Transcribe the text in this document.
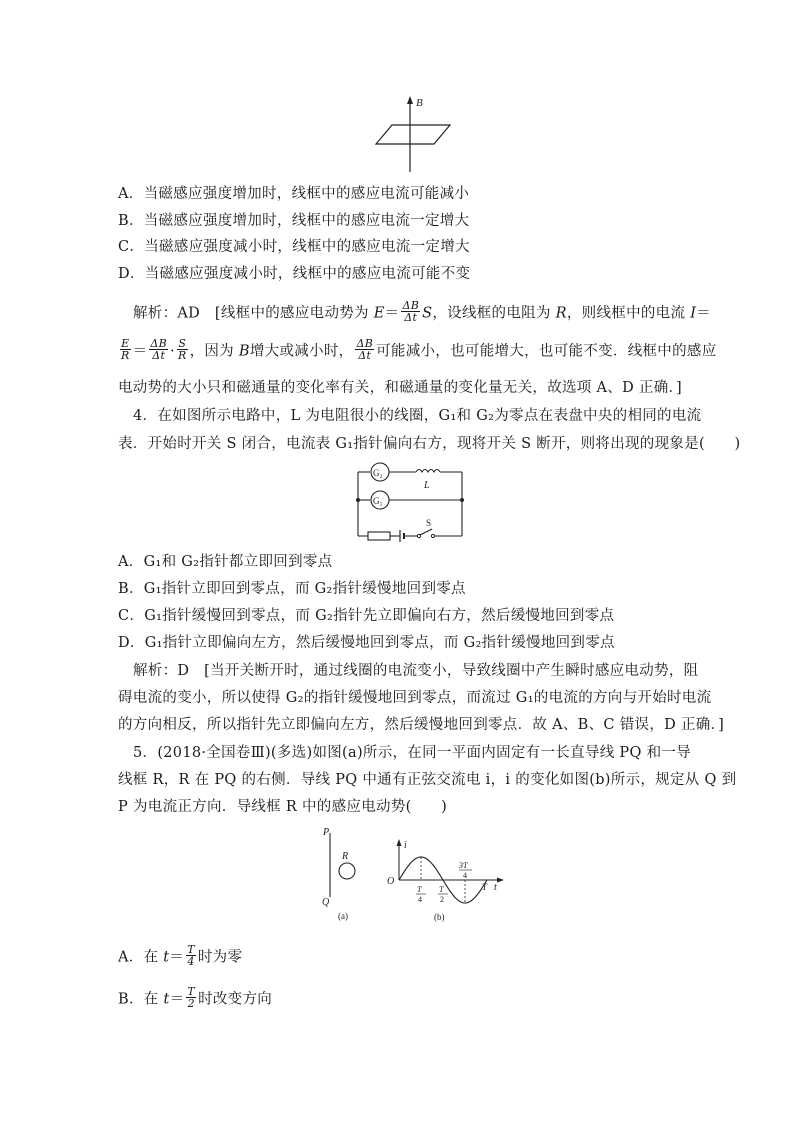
B
A．当磁感应强度增加时，线框中的感应电流可能减小
B．当磁感应强度增加时，线框中的感应电流一定增大
C．当磁感应强度减小时，线框中的感应电流一定增大
D．当磁感应强度减小时，线框中的感应电流可能不变
解析：AD　[线框中的感应电动势为 $E= \frac{\Delta B}{\Delta t}$ S，设线框的电阻为 R，则线框中的电流 I＝
$\frac{E}{R} = \frac{\Delta B}{\Delta t} \cdot \frac{S}{R}$ ，因为 B增大或减小时， $\frac{\Delta B}{\Delta t}$ 可能减小，也可能增大，也可能不变．线框中的感应
电动势的大小只和磁通量的变化率有关，和磁通量的变化量无关，故选项 A、D 正确．]
4．在如图所示电路中，L 为电阻很小的线圈，G₁和 G₂为零点在表盘中央的相同的电流
表．开始时开关 S 闭合，电流表 G₁指针偏向右方，现将开关 S 断开，则将出现的现象是(　　)
G₂
L
G₁
S
A．G₁和 G₂指针都立即回到零点
B．G₁指针立即回到零点，而 G₂指针缓慢地回到零点
C．G₁指针缓慢回到零点，而 G₂指针先立即偏向右方，然后缓慢地回到零点
D．G₁指针立即偏向左方，然后缓慢地回到零点，而 G₂指针缓慢地回到零点
解析：D　[当开关断开时，通过线圈的电流变小，导致线圈中产生瞬时感应电动势，阻
碍电流的变小，所以使得 G₂的指针缓慢地回到零点，而流过 G₁的电流的方向与开始时电流
的方向相反，所以指针先立即偏向左方，然后缓慢地回到零点．故 A、B、C 错误，D 正确．]
5．(2018·全国卷Ⅲ)(多选)如图(a)所示，在同一平面内固定有一长直导线 PQ 和一导
线框 R，R 在 PQ 的右侧．导线 PQ 中通有正弦交流电 i，i 的变化如图(b)所示，规定从 Q 到
P 为电流正方向．导线框 R 中的感应电动势(　　)
P
Q
R
(a)
i
O
t
T
4
T
2
3T
4
T
(b)
A．在 $t= \frac{T}{4}$ 时为零
B．在 $t= \frac{T}{2}$ 时改变方向
